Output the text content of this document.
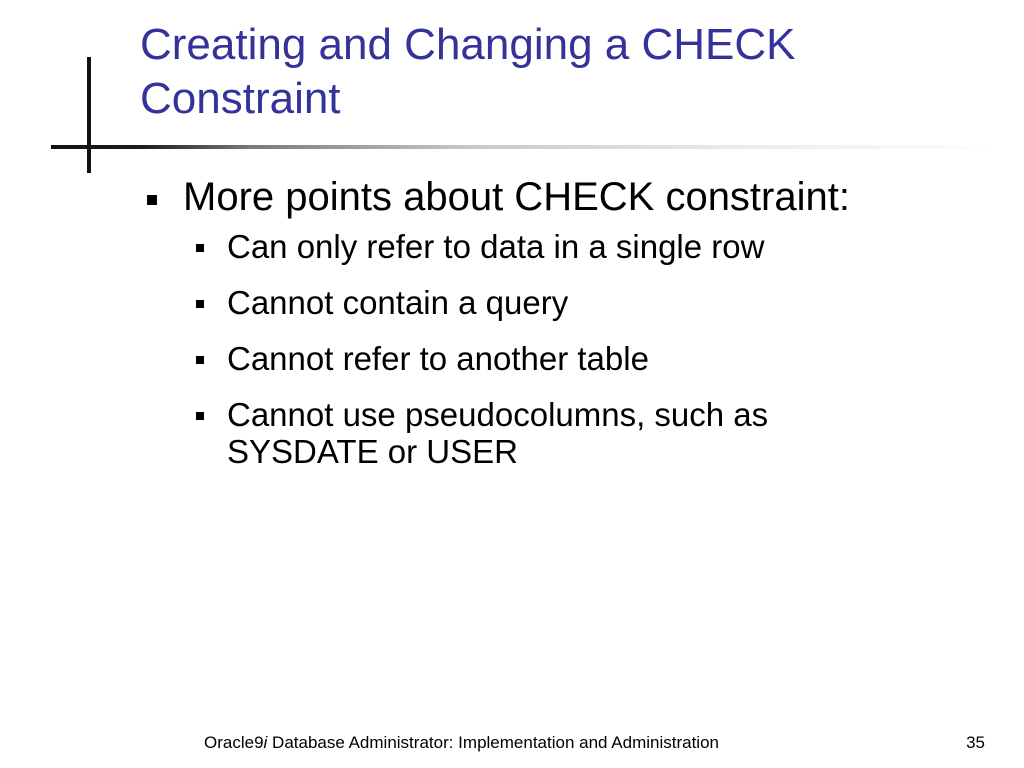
Creating and Changing a CHECK Constraint
More points about CHECK constraint:
Can only refer to data in a single row
Cannot contain a query
Cannot refer to another table
Cannot use pseudocolumns, such as SYSDATE or USER
Oracle9i Database Administrator: Implementation and Administration	35
